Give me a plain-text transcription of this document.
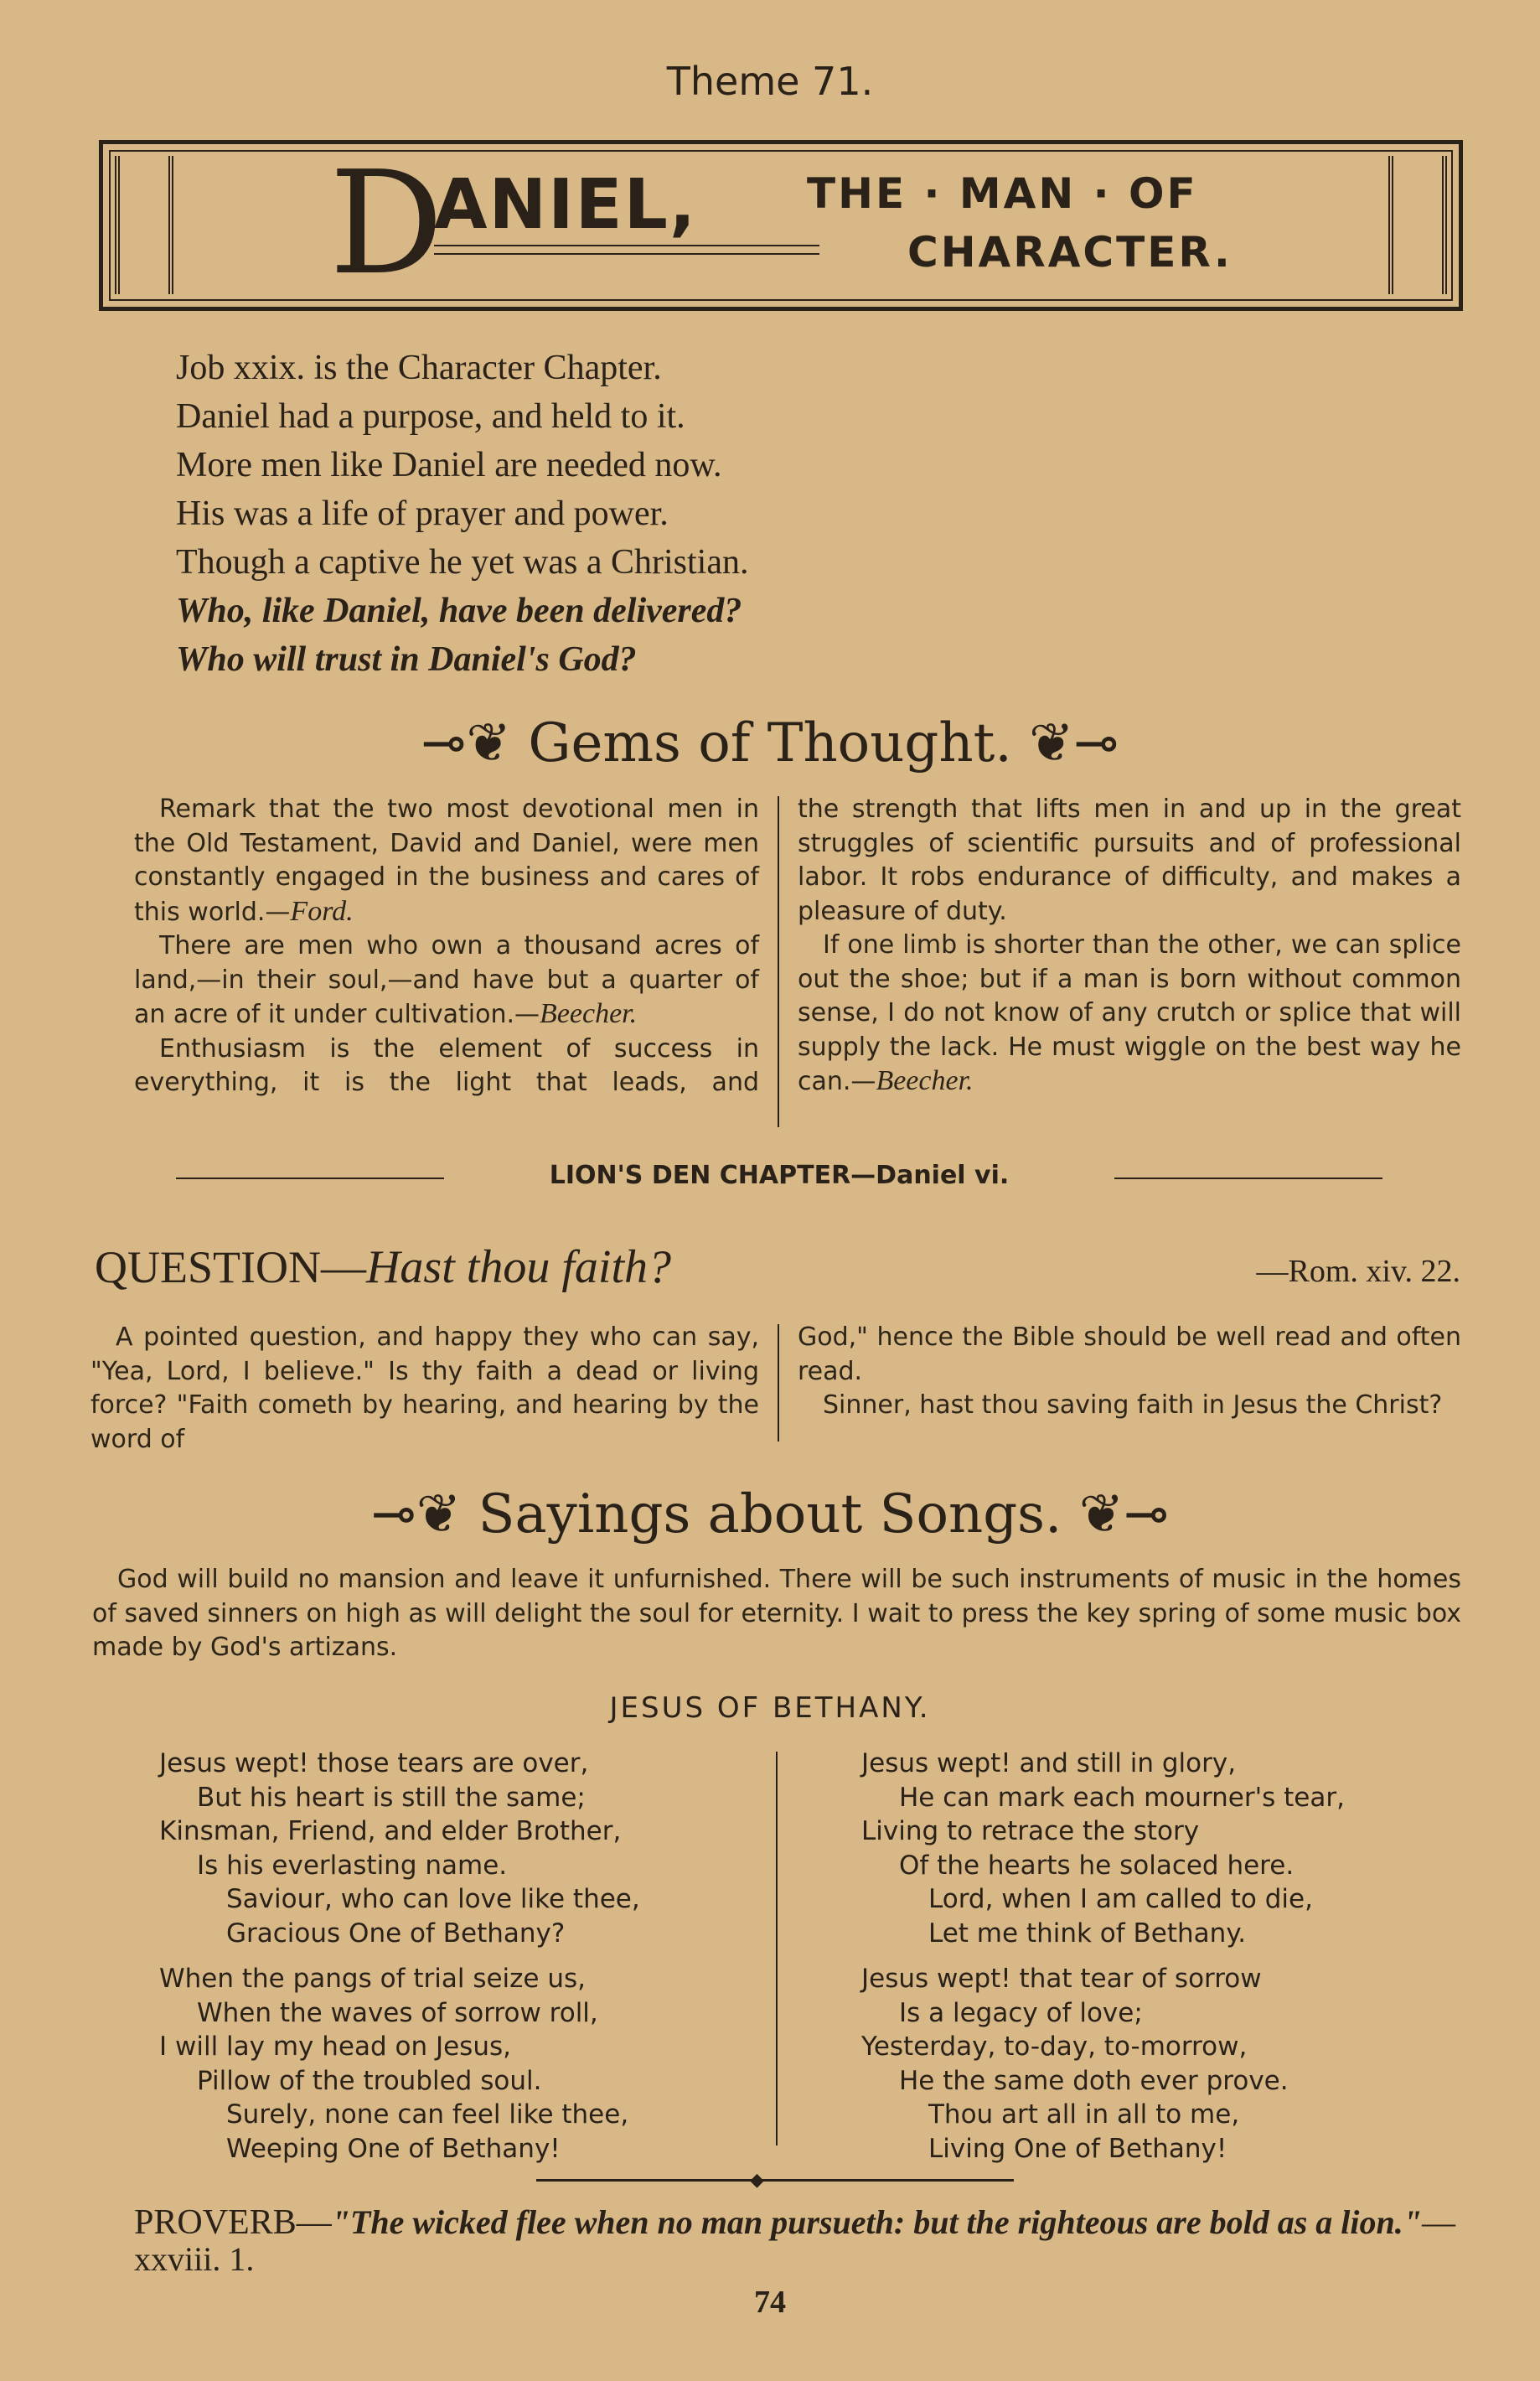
Theme 71.
D
ANIEL,	THE · MAN · OF
CHARACTER.
Job xxix. is the Character Chapter.
Daniel had a purpose, and held to it.
More men like Daniel are needed now.
His was a life of prayer and power.
Though a captive he yet was a Christian.
Who, like Daniel, have been delivered?
Who will trust in Daniel's God?
⊸❦ Gems of Thought. ❦⊸

Remark that the two most devotional men in the Old Testament, David and Daniel, were men constantly engaged in the business and cares of this world.—Ford.

There are men who own a thousand acres of land,—in their soul,—and have but a quarter of an acre of it under cultivation.—Beecher.

Enthusiasm is the element of success in everything, it is the light that leads, and

the strength that lifts men in and up in the great struggles of scientific pursuits and of professional labor. It robs endurance of difficulty, and makes a pleasure of duty.

If one limb is shorter than the other, we can splice out the shoe; but if a man is born without common sense, I do not know of any crutch or splice that will supply the lack. He must wiggle on the best way he can.—Beecher.

LION'S DEN CHAPTER—Daniel vi.
QUESTION—Hast thou faith?	—Rom. xiv. 22.

A pointed question, and happy they who can say, "Yea, Lord, I believe." Is thy faith a dead or living force? "Faith cometh by hearing, and hearing by the word of

God," hence the Bible should be well read and often read.

Sinner, hast thou saving faith in Jesus the Christ?

⊸❦ Sayings about Songs. ❦⊸

God will build no mansion and leave it unfurnished. There will be such instruments of music in the homes of saved sinners on high as will delight the soul for eternity. I wait to press the key spring of some music box made by God's artizans.

JESUS OF BETHANY.
Jesus wept! those tears are over,
But his heart is still the same;
Kinsman, Friend, and elder Brother,
Is his everlasting name.
Saviour, who can love like thee,
Gracious One of Bethany?
When the pangs of trial seize us,
When the waves of sorrow roll,
I will lay my head on Jesus,
Pillow of the troubled soul.
Surely, none can feel like thee,
Weeping One of Bethany!
Jesus wept! and still in glory,
He can mark each mourner's tear,
Living to retrace the story
Of the hearts he solaced here.
Lord, when I am called to die,
Let me think of Bethany.
Jesus wept! that tear of sorrow
Is a legacy of love;
Yesterday, to-day, to-morrow,
He the same doth ever prove.
Thou art all in all to me,
Living One of Bethany!
◆
PROVERB—"The wicked flee when no man pursueth: but the righteous are bold as a lion."—xxviii. 1.
74
